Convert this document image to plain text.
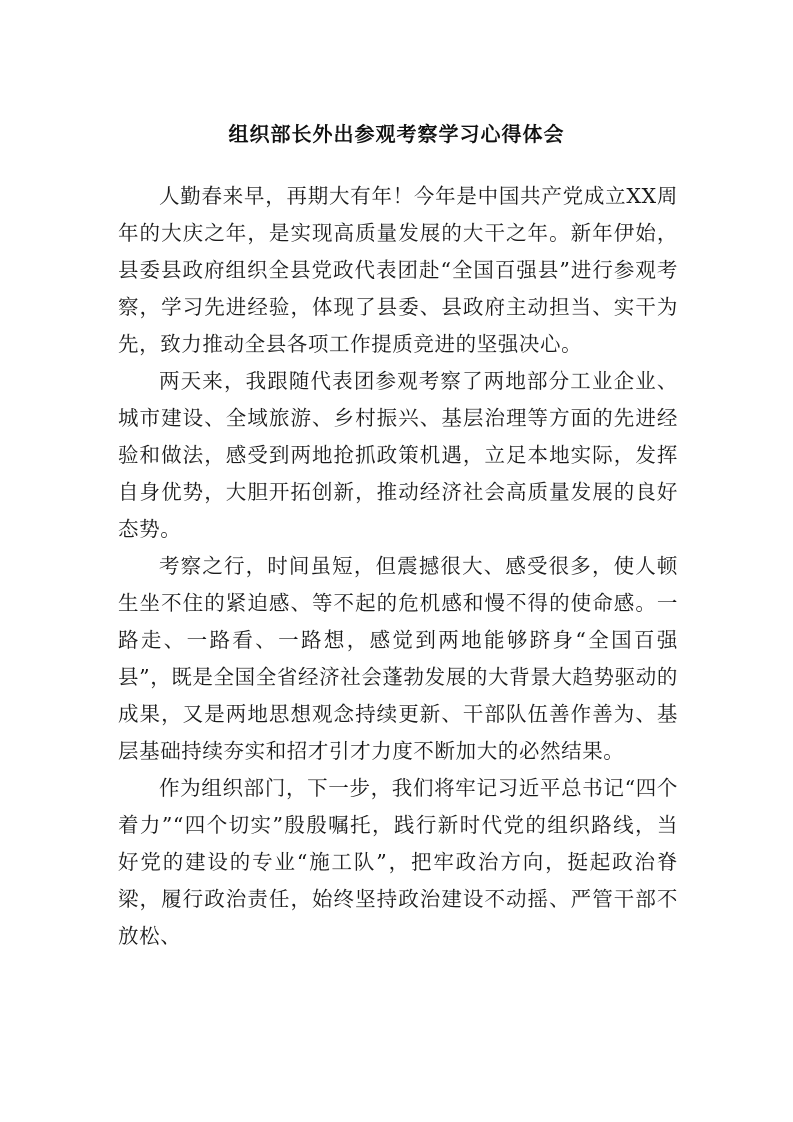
组织部长外出参观考察学习心得体会

人勤春来早，再期大有年！今年是中国共产党成立XX周年的大庆之年，是实现高质量发展的大干之年。新年伊始，县委县政府组织全县党政代表团赴“全国百强县”进行参观考察，学习先进经验，体现了县委、县政府主动担当、实干为先，致力推动全县各项工作提质竞进的坚强决心。

两天来，我跟随代表团参观考察了两地部分工业企业、城市建设、全域旅游、乡村振兴、基层治理等方面的先进经验和做法，感受到两地抢抓政策机遇，立足本地实际，发挥自身优势，大胆开拓创新，推动经济社会高质量发展的良好态势。

考察之行，时间虽短，但震撼很大、感受很多，使人顿生坐不住的紧迫感、等不起的危机感和慢不得的使命感。一路走、一路看、一路想，感觉到两地能够跻身“全国百强县”，既是全国全省经济社会蓬勃发展的大背景大趋势驱动的成果，又是两地思想观念持续更新、干部队伍善作善为、基层基础持续夯实和招才引才力度不断加大的必然结果。

作为组织部门，下一步，我们将牢记习近平总书记“四个着力”“四个切实”殷殷嘱托，践行新时代党的组织路线，当好党的建设的专业“施工队”，把牢政治方向，挺起政治脊梁，履行政治责任，始终坚持政治建设不动摇、严管干部不放松、
